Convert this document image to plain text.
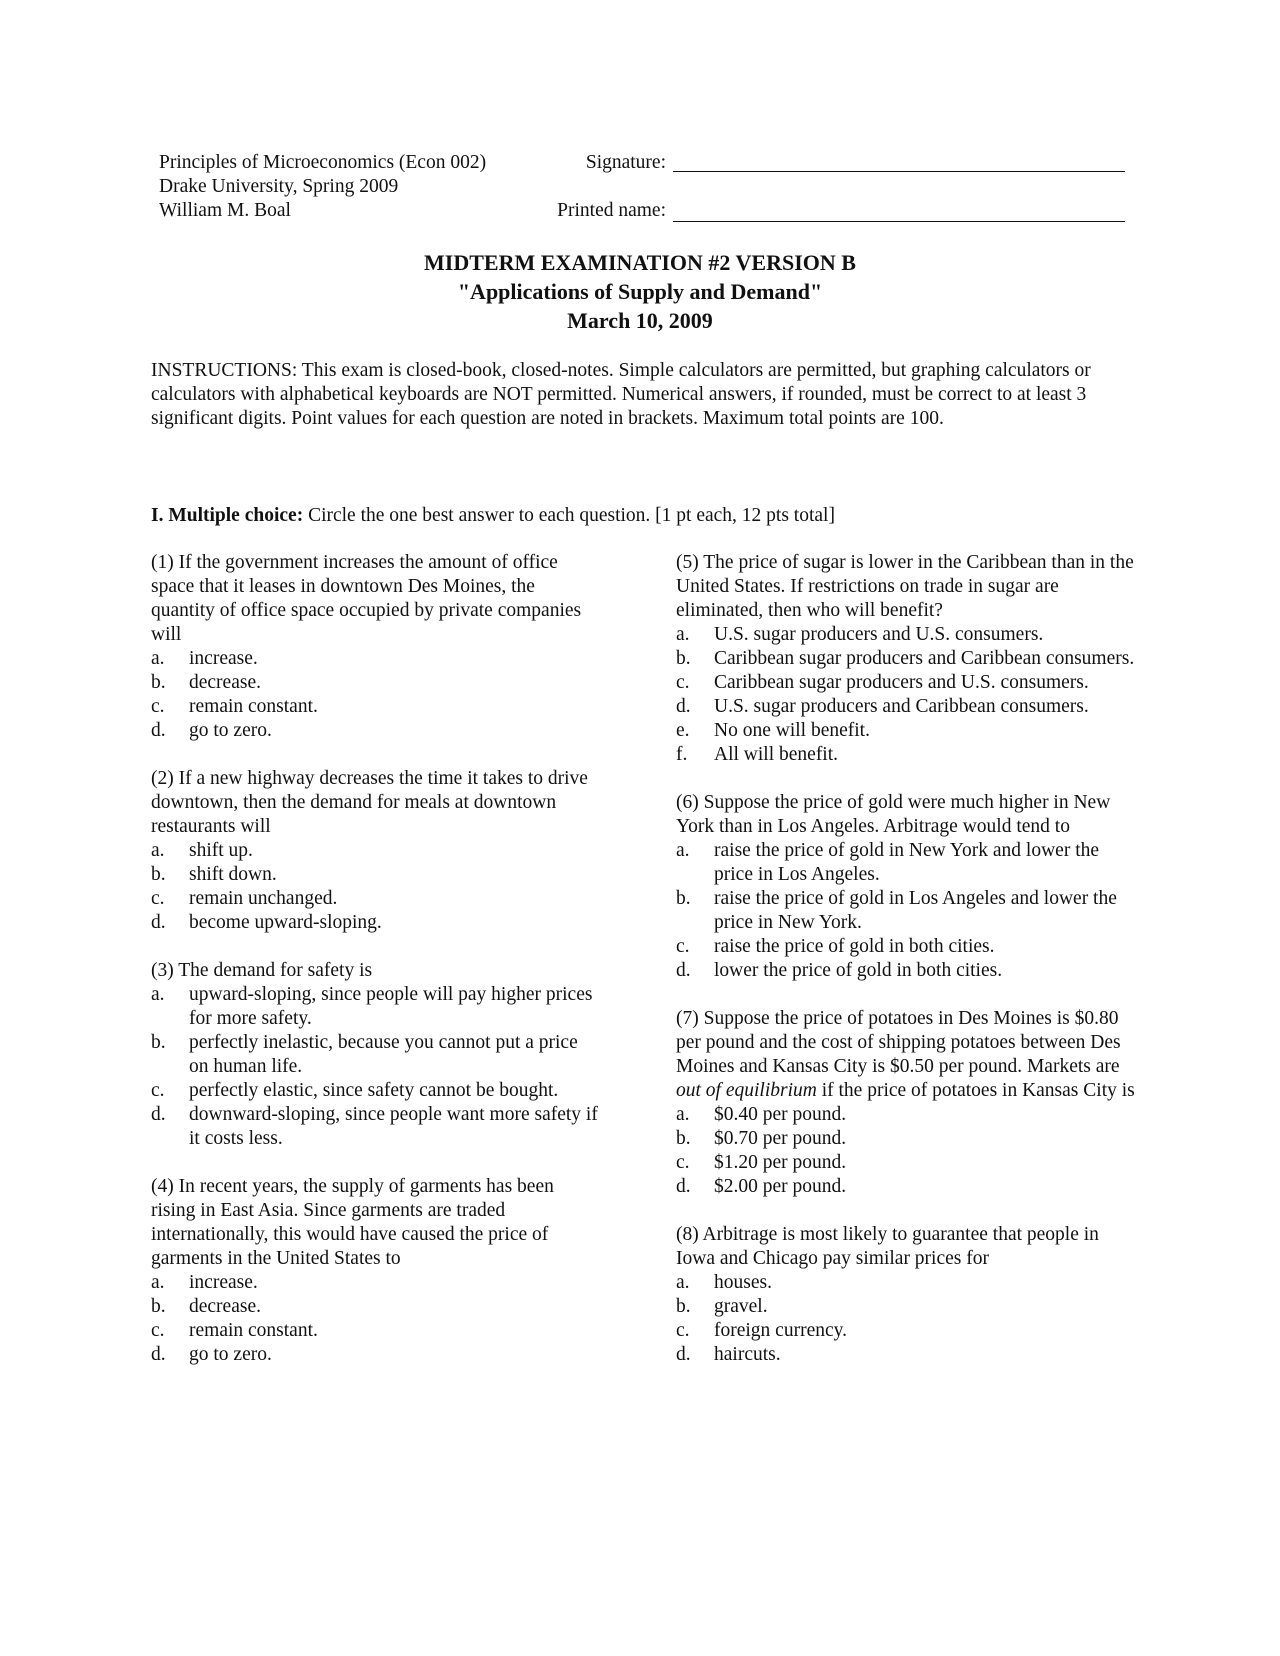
Principles of Microeconomics (Econ 002)
Drake University, Spring 2009
William M. Boal
Signature:
Printed name:
MIDTERM EXAMINATION #2 VERSION B
"Applications of Supply and Demand"
March 10, 2009
INSTRUCTIONS: This exam is closed-book, closed-notes. Simple calculators are permitted, but graphing calculators or calculators with alphabetical keyboards are NOT permitted. Numerical answers, if rounded, must be correct to at least 3 significant digits. Point values for each question are noted in brackets. Maximum total points are 100.
I. Multiple choice: Circle the one best answer to each question. [1 pt each, 12 pts total]
(1) If the government increases the amount of office space that it leases in downtown Des Moines, the quantity of office space occupied by private companies will
a.	increase.
b.	decrease.
c.	remain constant.
d.	go to zero.
(2) If a new highway decreases the time it takes to drive downtown, then the demand for meals at downtown restaurants will
a.	shift up.
b.	shift down.
c.	remain unchanged.
d.	become upward-sloping.
(3) The demand for safety is
a.	upward-sloping, since people will pay higher prices for more safety.
b.	perfectly inelastic, because you cannot put a price on human life.
c.	perfectly elastic, since safety cannot be bought.
d.	downward-sloping, since people want more safety if it costs less.
(4) In recent years, the supply of garments has been rising in East Asia. Since garments are traded internationally, this would have caused the price of garments in the United States to
a.	increase.
b.	decrease.
c.	remain constant.
d.	go to zero.
(5) The price of sugar is lower in the Caribbean than in the United States. If restrictions on trade in sugar are eliminated, then who will benefit?
a.	U.S. sugar producers and U.S. consumers.
b.	Caribbean sugar producers and Caribbean consumers.
c.	Caribbean sugar producers and U.S. consumers.
d.	U.S. sugar producers and Caribbean consumers.
e.	No one will benefit.
f.	All will benefit.
(6) Suppose the price of gold were much higher in New York than in Los Angeles. Arbitrage would tend to
a.	raise the price of gold in New York and lower the price in Los Angeles.
b.	raise the price of gold in Los Angeles and lower the price in New York.
c.	raise the price of gold in both cities.
d.	lower the price of gold in both cities.
(7) Suppose the price of potatoes in Des Moines is $0.80 per pound and the cost of shipping potatoes between Des Moines and Kansas City is $0.50 per pound. Markets are out of equilibrium if the price of potatoes in Kansas City is
a.	$0.40 per pound.
b.	$0.70 per pound.
c.	$1.20 per pound.
d.	$2.00 per pound.
(8) Arbitrage is most likely to guarantee that people in Iowa and Chicago pay similar prices for
a.	houses.
b.	gravel.
c.	foreign currency.
d.	haircuts.
